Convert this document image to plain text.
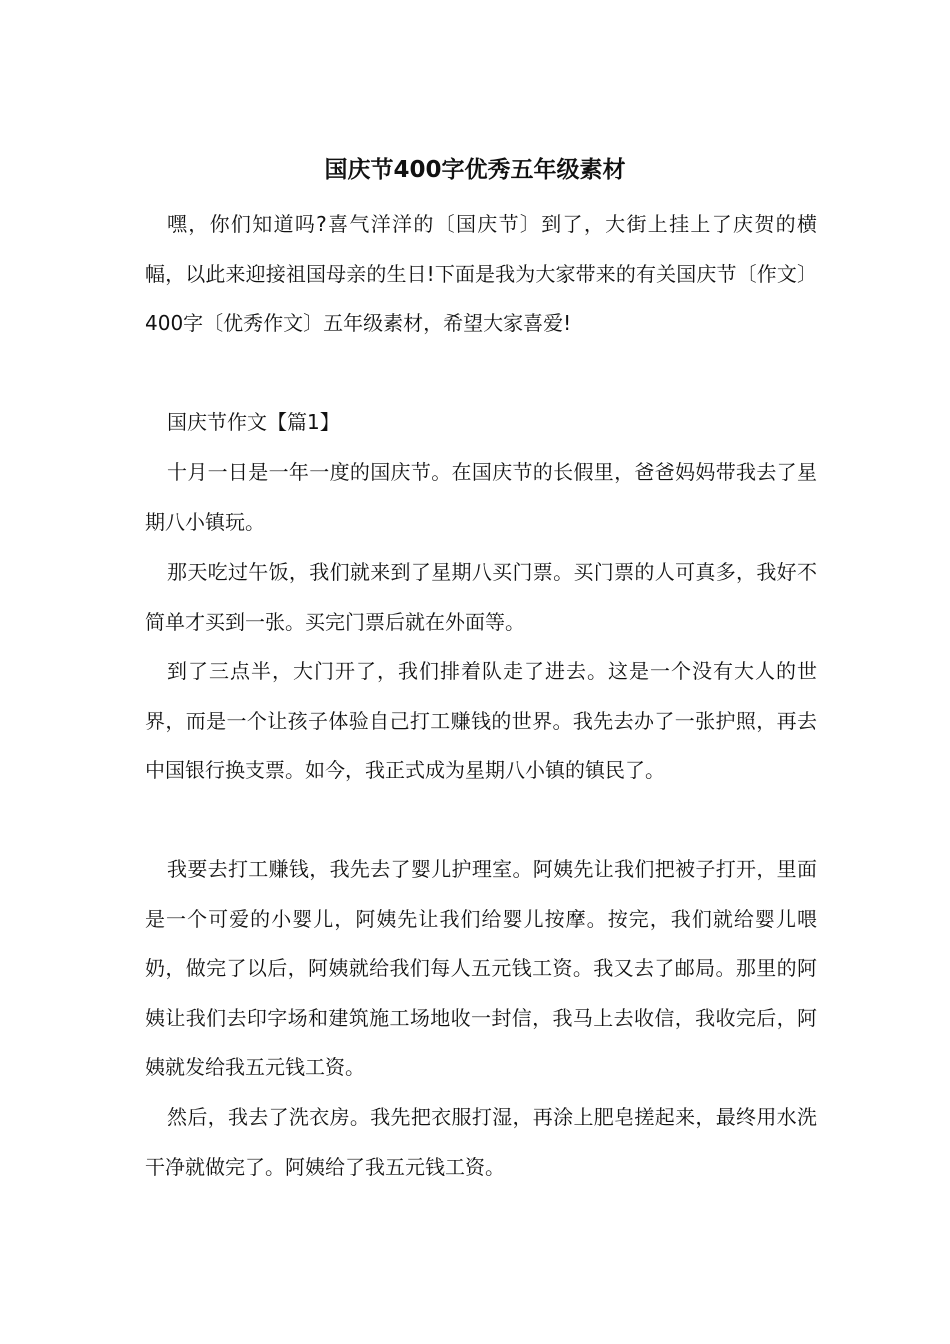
国庆节400字优秀五年级素材

嘿，你们知道吗?喜气洋洋的〔国庆节〕到了，大街上挂上了庆贺的横幅，以此来迎接祖国母亲的生日!下面是我为大家带来的有关国庆节〔作文〕400字〔优秀作文〕五年级素材，希望大家喜爱!

国庆节作文【篇1】

十月一日是一年一度的国庆节。在国庆节的长假里，爸爸妈妈带我去了星期八小镇玩。

那天吃过午饭，我们就来到了星期八买门票。买门票的人可真多，我好不简单才买到一张。买完门票后就在外面等。

到了三点半，大门开了，我们排着队走了进去。这是一个没有大人的世界，而是一个让孩子体验自己打工赚钱的世界。我先去办了一张护照，再去中国银行换支票。如今，我正式成为星期八小镇的镇民了。

我要去打工赚钱，我先去了婴儿护理室。阿姨先让我们把被子打开，里面是一个可爱的小婴儿，阿姨先让我们给婴儿按摩。按完，我们就给婴儿喂奶，做完了以后，阿姨就给我们每人五元钱工资。我又去了邮局。那里的阿姨让我们去印字场和建筑施工场地收一封信，我马上去收信，我收完后，阿姨就发给我五元钱工资。

然后，我去了洗衣房。我先把衣服打湿，再涂上肥皂搓起来，最终用水洗干净就做完了。阿姨给了我五元钱工资。
